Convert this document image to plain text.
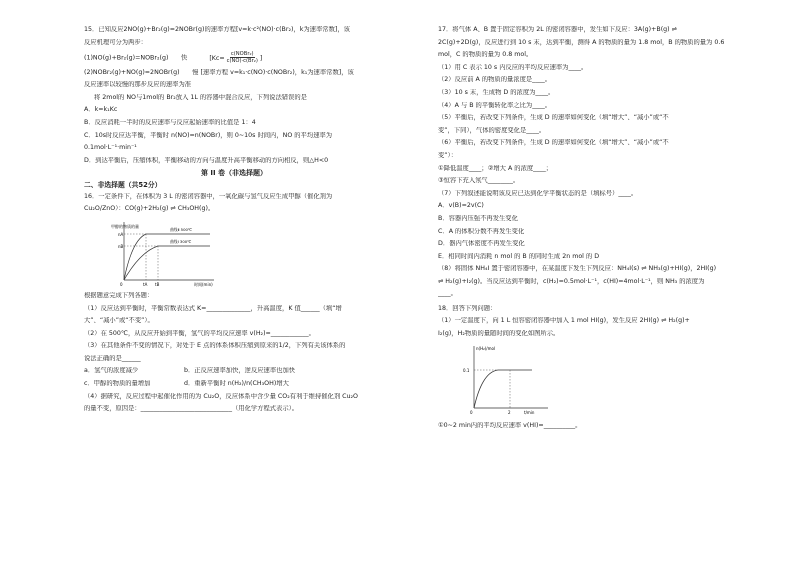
15．已知反应2NO(g)+Br₂(g)=2NOBr(g)的速率方程[v=k·c²(NO)·c(Br₂)，k为速率常数]，该
反应机理可分为两步：
(1)NO(g)+Br₂(g)=NOBr₂(g)　　快	[$Kc= \frac{\text{c(NOBr₂)}}{\text{c(NO)·c(Br₂)}}$ ]
(2)NOBr₂(g)+NO(g)=2NOBr(g)　　慢 [速率方程 v=k₁·c(NO)·c(NOBr₂)，k₁为速率常数]，该
反应速率以较慢的那步反应的速率为准
将 2mol的 NO与1mol的 Br₂放入 1L 的容器中混合反应，下列说法错误的是
A．k=k₁Kc
B．反应消耗一半时的反应速率与反应起始速率的比值是 1：4
C．10s时反应达平衡，平衡时 n(NO)=n(NOBr)，则 0~10s 时间内，NO 的平均速率为
0.1mol·L⁻¹·min⁻¹
D．到达平衡后，压缩体积，平衡移动的方向与温度升高平衡移动的方向相反，则△H<0
第 II 卷（非选择题）
二、非选择题（共52分）
16．一定条件下，在体积为 3 L 的密闭容器中，一氧化碳与氢气反应生成甲醇（催化剂为
Cu₂O/ZnO）：CO(g)+2H₂(g) ⇌ CH₃OH(g)。
甲醇的物质的量
nA
nB
曲线Ⅱ 500℃
曲线Ⅰ 300℃
tA tB
0	时间(min)
根据题意完成下列各题：
（1）反应达到平衡时，平衡常数表达式 K=______________，升高温度，K 值______（填“增
大”、“减小”或“不变”）。
（2）在 500℃，从反应开始到平衡，氢气的平均反应速率 v(H₂)=____________。
（3）在其他条件不变的情况下，对处于 E 点的体系体积压缩到原来的1/2，下列有关该体系的
说法正确的是______
a．氢气的浓度减少	b．正反应速率加快，逆反应速率也加快
c．甲醇的物质的量增加	d．重新平衡时 n(H₂)/n(CH₃OH)增大
（4）据研究，反应过程中起催化作用的为 Cu₂O，反应体系中含少量 CO₂有利于维持催化剂 Cu₂O
的量不变，原因是：_____________________________（用化学方程式表示）。
17．将气体 A、B 置于固定容积为 2L 的密闭容器中，发生如下反应：3A(g)+B(g) ⇌
2C(g)+2D(g)，反应进行到 10 s 末，达到平衡，测得 A 的物质的量为 1.8 mol，B 的物质的量为 0.6
mol，C 的物质的量为 0.8 mol。
（1）用 C 表示 10 s 内反应的平均反应速率为____。
（2）反应前 A 的物质的量浓度是____。
（3）10 s 末，生成物 D 的浓度为____。
（4）A 与 B 的平衡转化率之比为____。
（5）平衡后，若改变下列条件，生成 D 的速率如何变化（填“增大”、“减小”或“不
变”，下同），气体的密度变化是____。
（6）平衡后，若改变下列条件，生成 D 的速率如何变化（填“增大”、“减小”或“不
变”）：
①降低温度____；②增大 A 的浓度____；
③恒容下充入氖气________。
（7）下列叙述能说明该反应已达到化学平衡状态的是（填标号）____。
A．v(B)=2v(C)
B．容器内压强不再发生变化
C．A 的体积分数不再发生变化
D．器内气体密度不再发生变化
E．相同时间内消耗 n mol 的 B 的同时生成 2n mol 的 D
（8）将固体 NH₄I 置于密闭容器中，在某温度下发生下列反应：NH₄I(s) ⇌ NH₃(g)+HI(g)，2HI(g)
⇌ H₂(g)+I₂(g)。当反应达到平衡时，c(H₂)=0.5mol·L⁻¹，c(HI)=4mol·L⁻¹，则 NH₃ 的浓度为
____。
18．回答下列问题：
（1）一定温度下，向 1 L 恒容密闭容器中加入 1 mol HI(g)，发生反应 2HI(g) ⇌ H₂(g)+
I₂(g)，H₂物质的量随时间的变化如图所示。
n(H₂)/mol
0.1
2
0	t/min
①0~2 min内的平均反应速率 v(HI)=__________。
